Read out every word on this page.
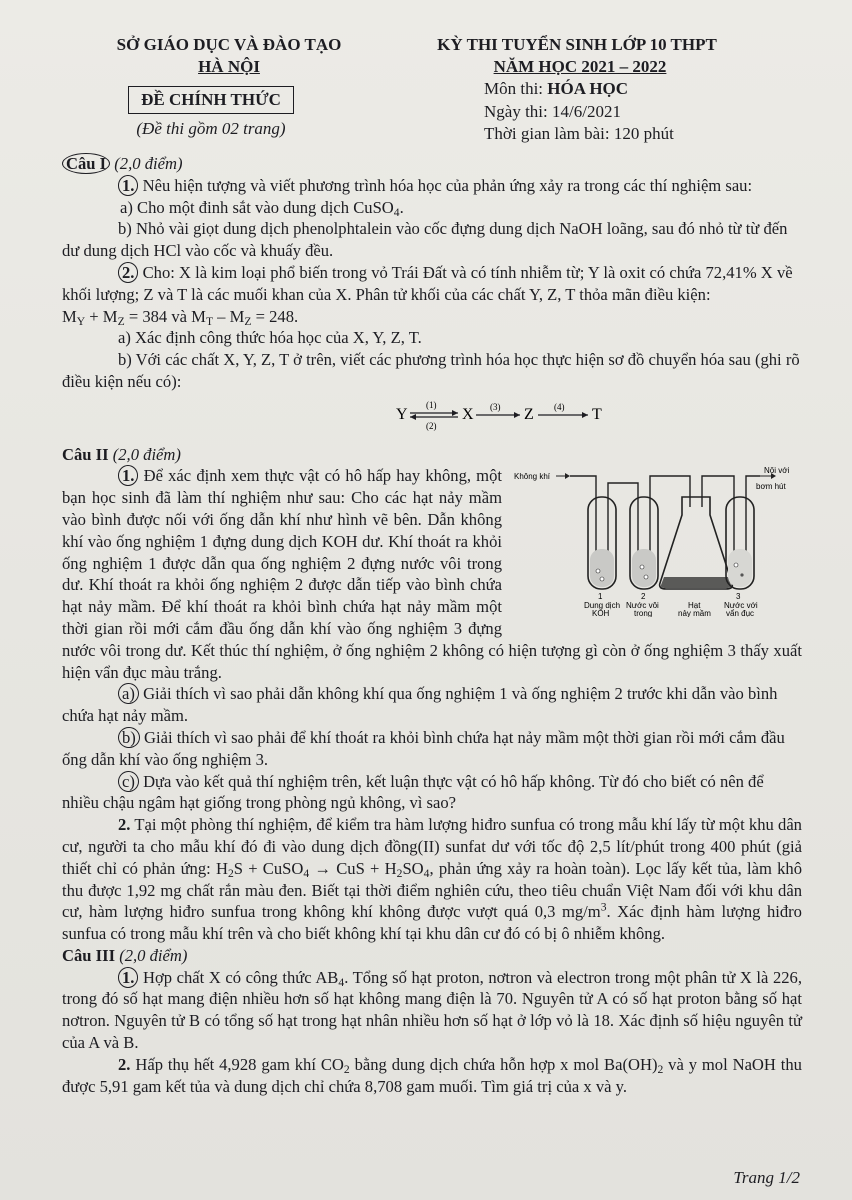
SỞ GIÁO DỤC VÀ ĐÀO TẠO
HÀ NỘI
ĐỀ CHÍNH THỨC
(Đề thi gồm 02 trang)
KỲ THI TUYỂN SINH LỚP 10 THPT
NĂM HỌC 2021 – 2022
Môn thi: HÓA HỌC
Ngày thi: 14/6/2021
Thời gian làm bài: 120 phút

Câu I (2,0 điểm)

1. Nêu hiện tượng và viết phương trình hóa học của phản ứng xảy ra trong các thí nghiệm sau:

a) Cho một đinh sắt vào dung dịch CuSO$_4$.

b) Nhỏ vài giọt dung dịch phenolphtalein vào cốc đựng dung dịch NaOH loãng, sau đó nhỏ từ từ đến dư dung dịch HCl vào cốc và khuấy đều.

2. Cho: X là kim loại phổ biến trong vỏ Trái Đất và có tính nhiễm từ; Y là oxit có chứa 72,41% X về khối lượng; Z và T là các muối khan của X. Phân tử khối của các chất Y, Z, T thỏa mãn điều kiện:

$M_Y + M_Z = 384$ và $M_T - M_Z = 248$.

a) Xác định công thức hóa học của X, Y, Z, T.

b) Với các chất X, Y, Z, T ở trên, viết các phương trình hóa học thực hiện sơ đồ chuyển hóa sau (ghi rõ điều kiện nếu có):

Y
(1)
(2)
X (3) Z (4) T

Câu II (2,0 điểm)

Không khí
Nối với
bơm hút
1	2	3
Dung dịch
KOH
Nước vôi
trong
Hạt
nảy mầm
Nước với
vẩn đục

1. Để xác định xem thực vật có hô hấp hay không, một bạn học sinh đã làm thí nghiệm như sau: Cho các hạt nảy mầm vào bình được nối với ống dẫn khí như hình vẽ bên. Dẫn không khí vào ống nghiệm 1 đựng dung dịch KOH dư. Khí thoát ra khỏi ống nghiệm 1 được dẫn qua ống nghiệm 2 đựng nước vôi trong dư. Khí thoát ra khỏi ống nghiệm 2 được dẫn tiếp vào bình chứa hạt nảy mầm. Để khí thoát ra khỏi bình chứa hạt nảy mầm một thời gian rồi mới cắm đầu ống dẫn khí vào ống nghiệm 3 đựng nước vôi trong dư. Kết thúc thí nghiệm, ở ống nghiệm 2 không có hiện tượng gì còn ở ống nghiệm 3 thấy xuất hiện vẩn đục màu trắng.

a) Giải thích vì sao phải dẫn không khí qua ống nghiệm 1 và ống nghiệm 2 trước khi dẫn vào bình chứa hạt nảy mầm.

b) Giải thích vì sao phải để khí thoát ra khỏi bình chứa hạt nảy mầm một thời gian rồi mới cắm đầu ống dẫn khí vào ống nghiệm 3.

c) Dựa vào kết quả thí nghiệm trên, kết luận thực vật có hô hấp không. Từ đó cho biết có nên để nhiều chậu ngâm hạt giống trong phòng ngủ không, vì sao?

2. Tại một phòng thí nghiệm, để kiểm tra hàm lượng hiđro sunfua có trong mẫu khí lấy từ một khu dân cư, người ta cho mẫu khí đó đi vào dung dịch đồng(II) sunfat dư với tốc độ 2,5 lít/phút trong 400 phút (giả thiết chỉ có phản ứng: $H_2S$ + CuSO$_4$ → CuS + $H_2SO_4$, phản ứng xảy ra hoàn toàn). Lọc lấy kết tủa, làm khô thu được 1,92 mg chất rắn màu đen. Biết tại thời điểm nghiên cứu, theo tiêu chuẩn Việt Nam đối với khu dân cư, hàm lượng hiđro sunfua trong không khí không được vượt quá 0,3 $mg/m^3$. Xác định hàm lượng hiđro sunfua có trong mẫu khí trên và cho biết không khí tại khu dân cư đó có bị ô nhiễm không.

Câu III (2,0 điểm)

1. Hợp chất X có công thức $AB_4$. Tổng số hạt proton, nơtron và electron trong một phân tử X là 226, trong đó số hạt mang điện nhiều hơn số hạt không mang điện là 70. Nguyên tử A có số hạt proton bằng số hạt nơtron. Nguyên tử B có tổng số hạt trong hạt nhân nhiều hơn số hạt ở lớp vỏ là 18. Xác định số hiệu nguyên tử của A và B.

2. Hấp thụ hết 4,928 gam khí $CO_2$ bằng dung dịch chứa hỗn hợp x mol $Ba(OH)_2$ và y mol NaOH thu được 5,91 gam kết tủa và dung dịch chỉ chứa 8,708 gam muối. Tìm giá trị của x và y.

Trang 1/2
